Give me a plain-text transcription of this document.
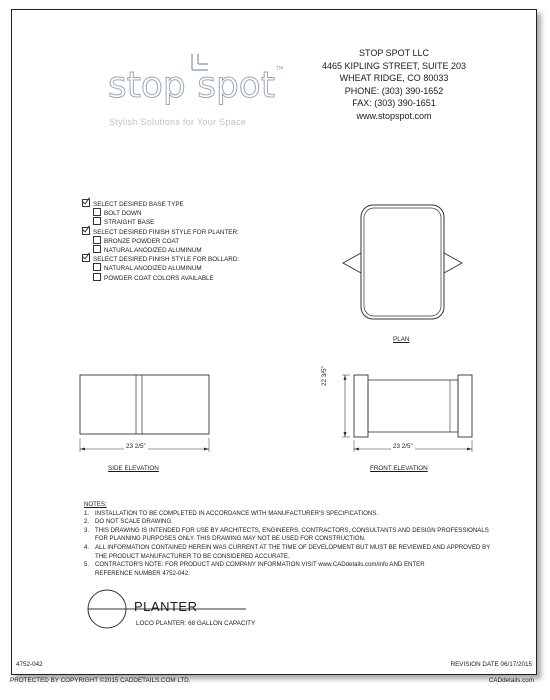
stop spot TM
Stylish Solutions for Your Space
STOP SPOT LLC
4465 KIPLING STREET, SUITE 203
WHEAT RIDGE, CO 80033
PHONE: (303) 390-1652
FAX: (303) 390-1651
www.stopspot.com
SELECT DESIRED BASE TYPE
BOLT DOWN
STRAIGHT BASE
SELECT DESIRED FINISH STYLE FOR PLANTER:
BRONZE POWDER COAT
NATURAL ANODIZED ALUMINUM
SELECT DESIRED FINISH STYLE FOR BOLLARD:
NATURAL ANODIZED ALUMINUM
POWDER COAT COLORS AVAILABLE
PLAN
23 2/5"
SIDE ELEVATION
22 3/5"
23 2/5"
FRONT ELEVATION
NOTES:
1. INSTALLATION TO BE COMPLETED IN ACCORDANCE WITH MANUFACTURER'S SPECIFICATIONS.
2. DO NOT SCALE DRAWING.
3. THIS DRAWING IS INTENDED FOR USE BY ARCHITECTS, ENGINEERS, CONTRACTORS, CONSULTANTS AND DESIGN PROFESSIONALS
FOR PLANNING PURPOSES ONLY. THIS DRAWING MAY NOT BE USED FOR CONSTRUCTION.
4. ALL INFORMATION CONTAINED HEREIN WAS CURRENT AT THE TIME OF DEVELOPMENT BUT MUST BE REVIEWED AND APPROVED BY
THE PRODUCT MANUFACTURER TO BE CONSIDERED ACCURATE.
5. CONTRACTOR'S NOTE: FOR PRODUCT AND COMPANY INFORMATION VISIT www.CADdetails.com/info AND ENTER
REFERENCE NUMBER 4752-042.
PLANTER
LOCO PLANTER: 68 GALLON CAPACITY
4752-042	REVISION DATE 06/17/2015
PROTECTED BY COPYRIGHT ©2015 CADDETAILS.COM LTD.	CADdetails.com
